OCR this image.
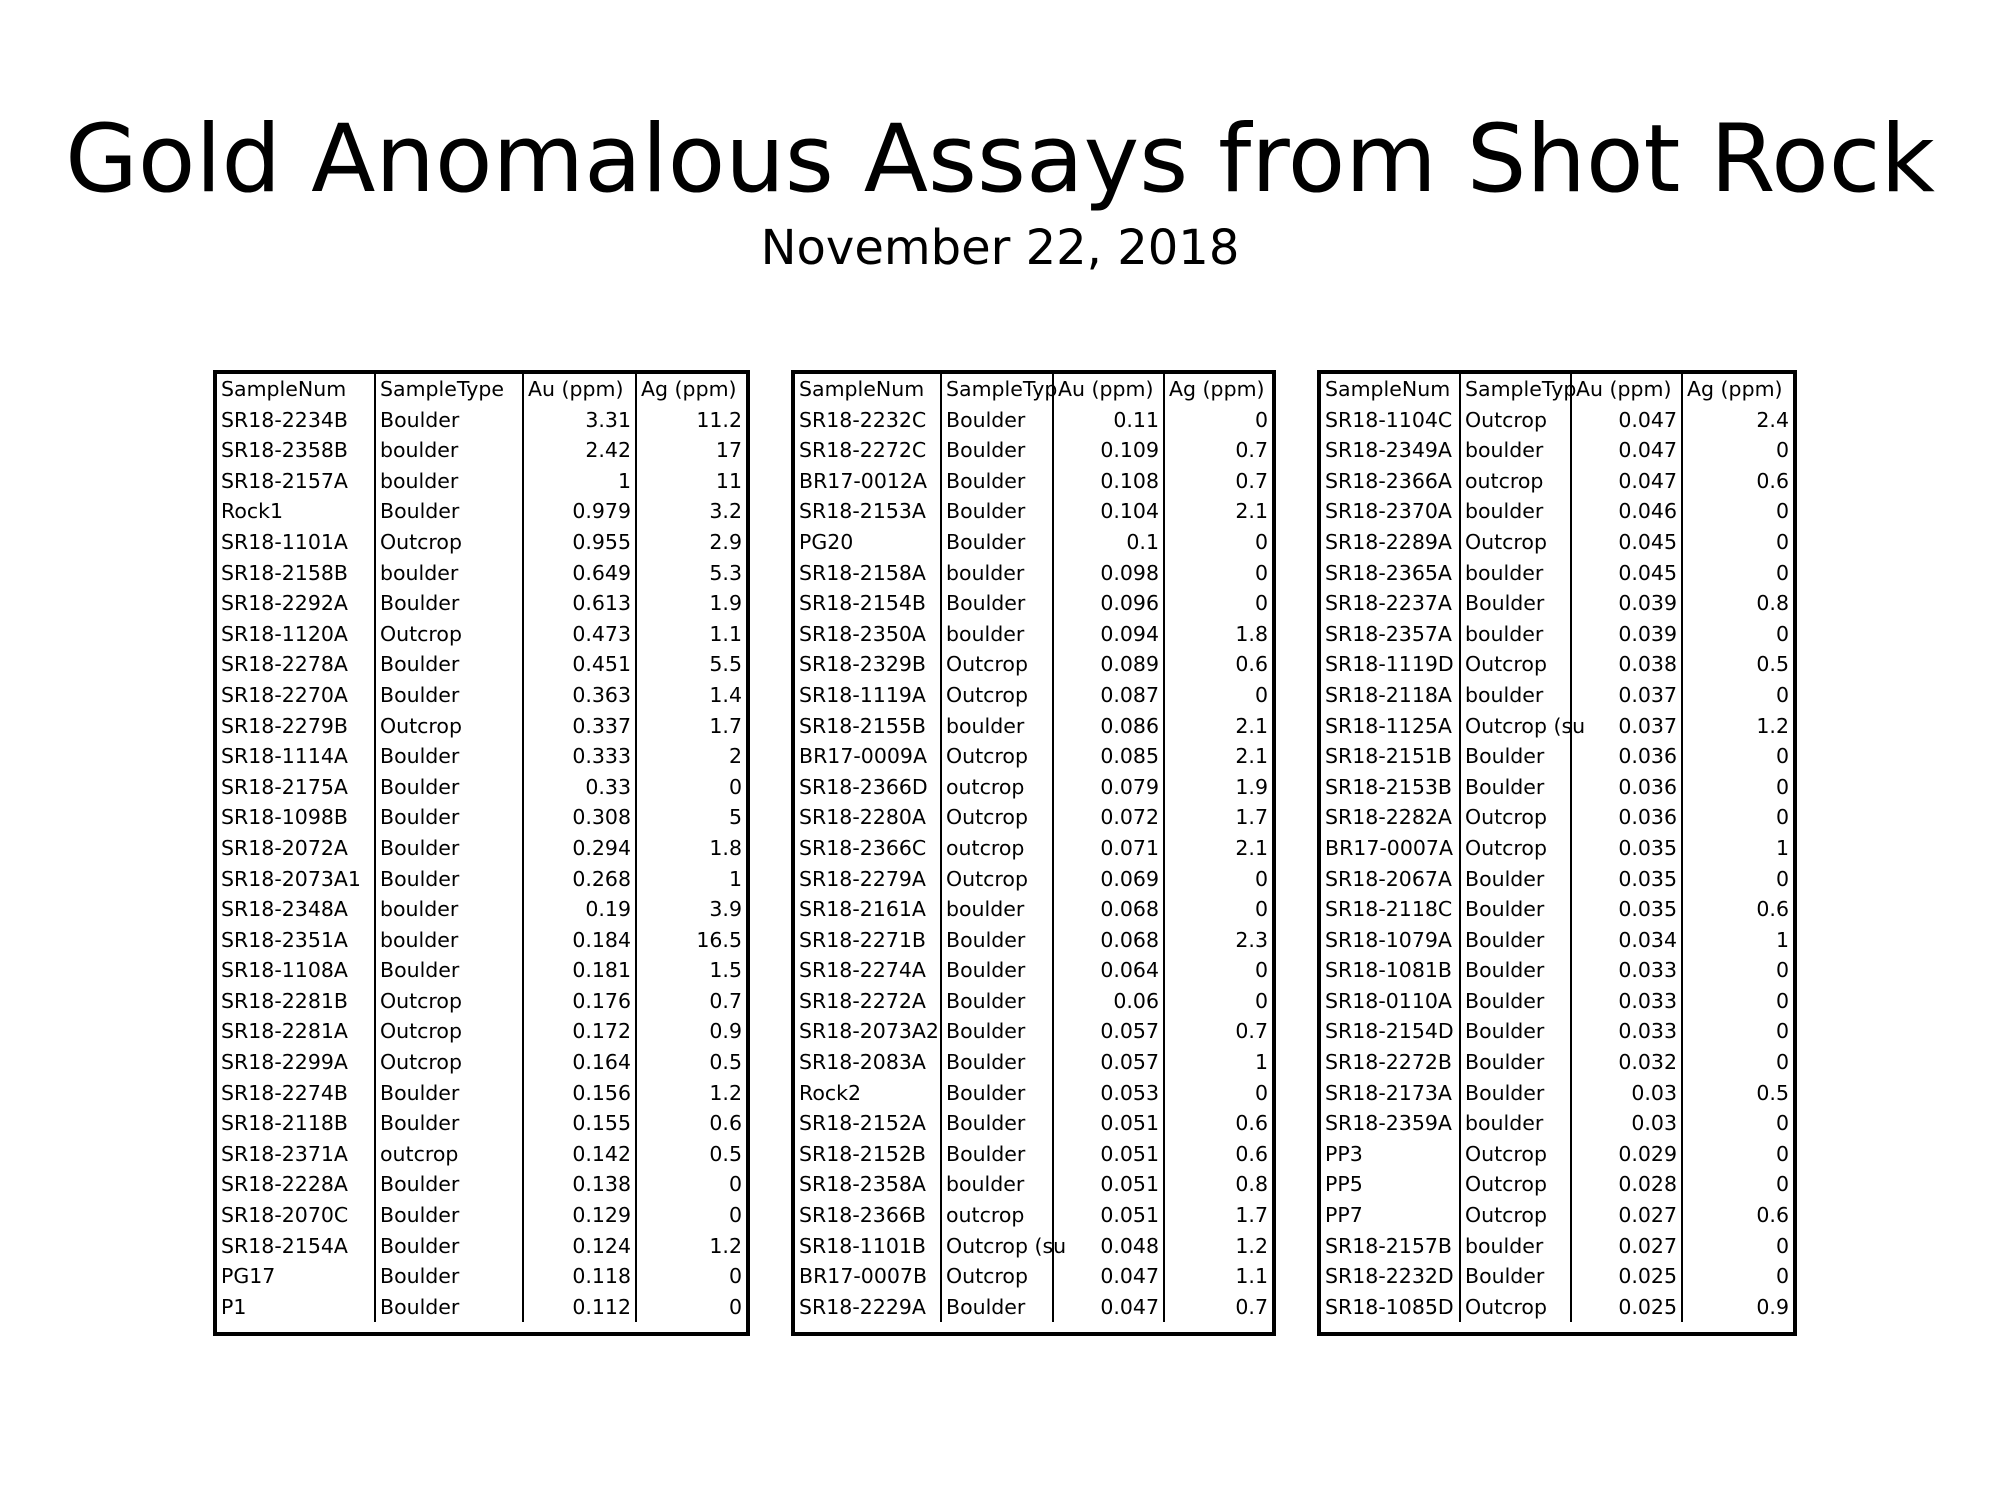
Gold Anomalous Assays from Shot Rock
November 22, 2018
SampleNum	SampleType	Au (ppm)	Ag (ppm)
SR18-2234B	Boulder	3.31	11.2
SR18-2358B	boulder	2.42	17
SR18-2157A	boulder	1	11
Rock1	Boulder	0.979	3.2
SR18-1101A	Outcrop	0.955	2.9
SR18-2158B	boulder	0.649	5.3
SR18-2292A	Boulder	0.613	1.9
SR18-1120A	Outcrop	0.473	1.1
SR18-2278A	Boulder	0.451	5.5
SR18-2270A	Boulder	0.363	1.4
SR18-2279B	Outcrop	0.337	1.7
SR18-1114A	Boulder	0.333	2
SR18-2175A	Boulder	0.33	0
SR18-1098B	Boulder	0.308	5
SR18-2072A	Boulder	0.294	1.8
SR18-2073A1	Boulder	0.268	1
SR18-2348A	boulder	0.19	3.9
SR18-2351A	boulder	0.184	16.5
SR18-1108A	Boulder	0.181	1.5
SR18-2281B	Outcrop	0.176	0.7
SR18-2281A	Outcrop	0.172	0.9
SR18-2299A	Outcrop	0.164	0.5
SR18-2274B	Boulder	0.156	1.2
SR18-2118B	Boulder	0.155	0.6
SR18-2371A	outcrop	0.142	0.5
SR18-2228A	Boulder	0.138	0
SR18-2070C	Boulder	0.129	0
SR18-2154A	Boulder	0.124	1.2
PG17	Boulder	0.118	0
P1	Boulder	0.112	0
SampleNum	SampleTyp	Au (ppm)	Ag (ppm)
SR18-2232C	Boulder	0.11	0
SR18-2272C	Boulder	0.109	0.7
BR17-0012A	Boulder	0.108	0.7
SR18-2153A	Boulder	0.104	2.1
PG20	Boulder	0.1	0
SR18-2158A	boulder	0.098	0
SR18-2154B	Boulder	0.096	0
SR18-2350A	boulder	0.094	1.8
SR18-2329B	Outcrop	0.089	0.6
SR18-1119A	Outcrop	0.087	0
SR18-2155B	boulder	0.086	2.1
BR17-0009A	Outcrop	0.085	2.1
SR18-2366D	outcrop	0.079	1.9
SR18-2280A	Outcrop	0.072	1.7
SR18-2366C	outcrop	0.071	2.1
SR18-2279A	Outcrop	0.069	0
SR18-2161A	boulder	0.068	0
SR18-2271B	Boulder	0.068	2.3
SR18-2274A	Boulder	0.064	0
SR18-2272A	Boulder	0.06	0
SR18-2073A2	Boulder	0.057	0.7
SR18-2083A	Boulder	0.057	1
Rock2	Boulder	0.053	0
SR18-2152A	Boulder	0.051	0.6
SR18-2152B	Boulder	0.051	0.6
SR18-2358A	boulder	0.051	0.8
SR18-2366B	outcrop	0.051	1.7
SR18-1101B	Outcrop (su	0.048	1.2
BR17-0007B	Outcrop	0.047	1.1
SR18-2229A	Boulder	0.047	0.7
SampleNum	SampleTyp	Au (ppm)	Ag (ppm)
SR18-1104C	Outcrop	0.047	2.4
SR18-2349A	boulder	0.047	0
SR18-2366A	outcrop	0.047	0.6
SR18-2370A	boulder	0.046	0
SR18-2289A	Outcrop	0.045	0
SR18-2365A	boulder	0.045	0
SR18-2237A	Boulder	0.039	0.8
SR18-2357A	boulder	0.039	0
SR18-1119D	Outcrop	0.038	0.5
SR18-2118A	boulder	0.037	0
SR18-1125A	Outcrop (su	0.037	1.2
SR18-2151B	Boulder	0.036	0
SR18-2153B	Boulder	0.036	0
SR18-2282A	Outcrop	0.036	0
BR17-0007A	Outcrop	0.035	1
SR18-2067A	Boulder	0.035	0
SR18-2118C	Boulder	0.035	0.6
SR18-1079A	Boulder	0.034	1
SR18-1081B	Boulder	0.033	0
SR18-0110A	Boulder	0.033	0
SR18-2154D	Boulder	0.033	0
SR18-2272B	Boulder	0.032	0
SR18-2173A	Boulder	0.03	0.5
SR18-2359A	boulder	0.03	0
PP3	Outcrop	0.029	0
PP5	Outcrop	0.028	0
PP7	Outcrop	0.027	0.6
SR18-2157B	boulder	0.027	0
SR18-2232D	Boulder	0.025	0
SR18-1085D	Outcrop	0.025	0.9
